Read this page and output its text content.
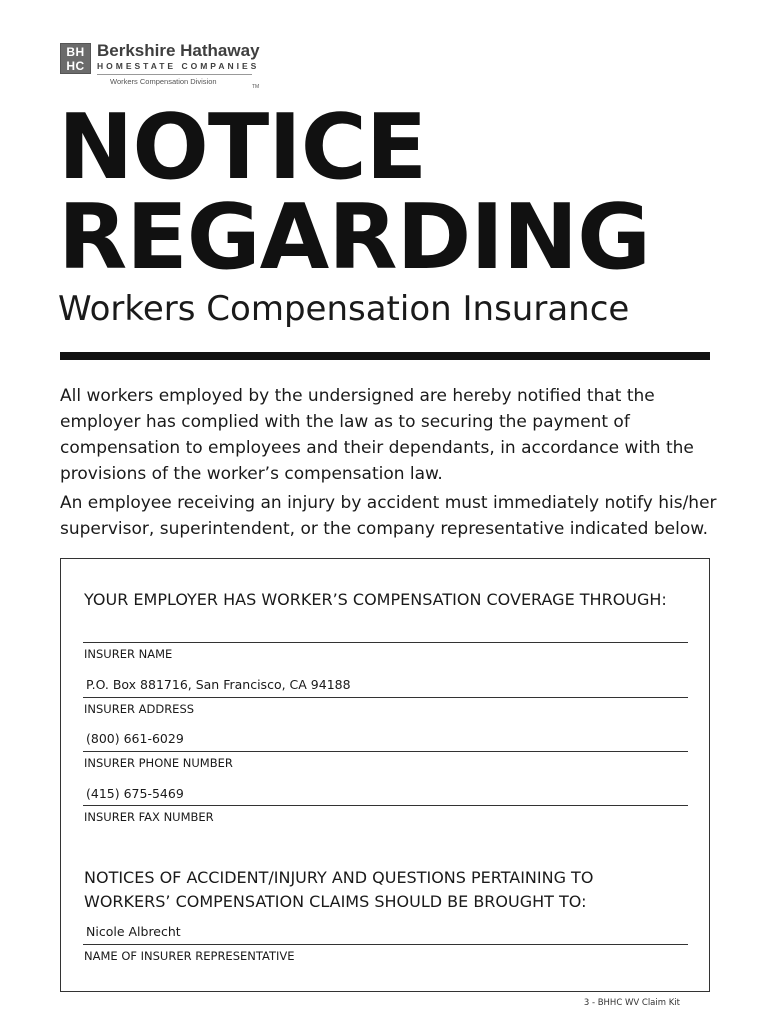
BH
HC
Berkshire Hathaway
HOMESTATE COMPANIES
Workers Compensation Division
TM
NOTICE
REGARDING
Workers Compensation Insurance
All workers employed by the undersigned are hereby notified that the employer has complied with the law as to securing the payment of compensation to employees and their dependants, in accordance with the provisions of the worker’s compensation law.
An employee receiving an injury by accident must immediately notify his/her supervisor, superintendent, or the company representative indicated below.
YOUR EMPLOYER HAS WORKER’S COMPENSATION COVERAGE THROUGH:
INSURER NAME
P.O. Box 881716, San Francisco, CA 94188
INSURER ADDRESS
(800) 661-6029
INSURER PHONE NUMBER
(415) 675-5469
INSURER FAX NUMBER
NOTICES OF ACCIDENT/INJURY AND QUESTIONS PERTAINING TO
WORKERS’ COMPENSATION CLAIMS SHOULD BE BROUGHT TO:
Nicole Albrecht
NAME OF INSURER REPRESENTATIVE
3 - BHHC WV Claim Kit
